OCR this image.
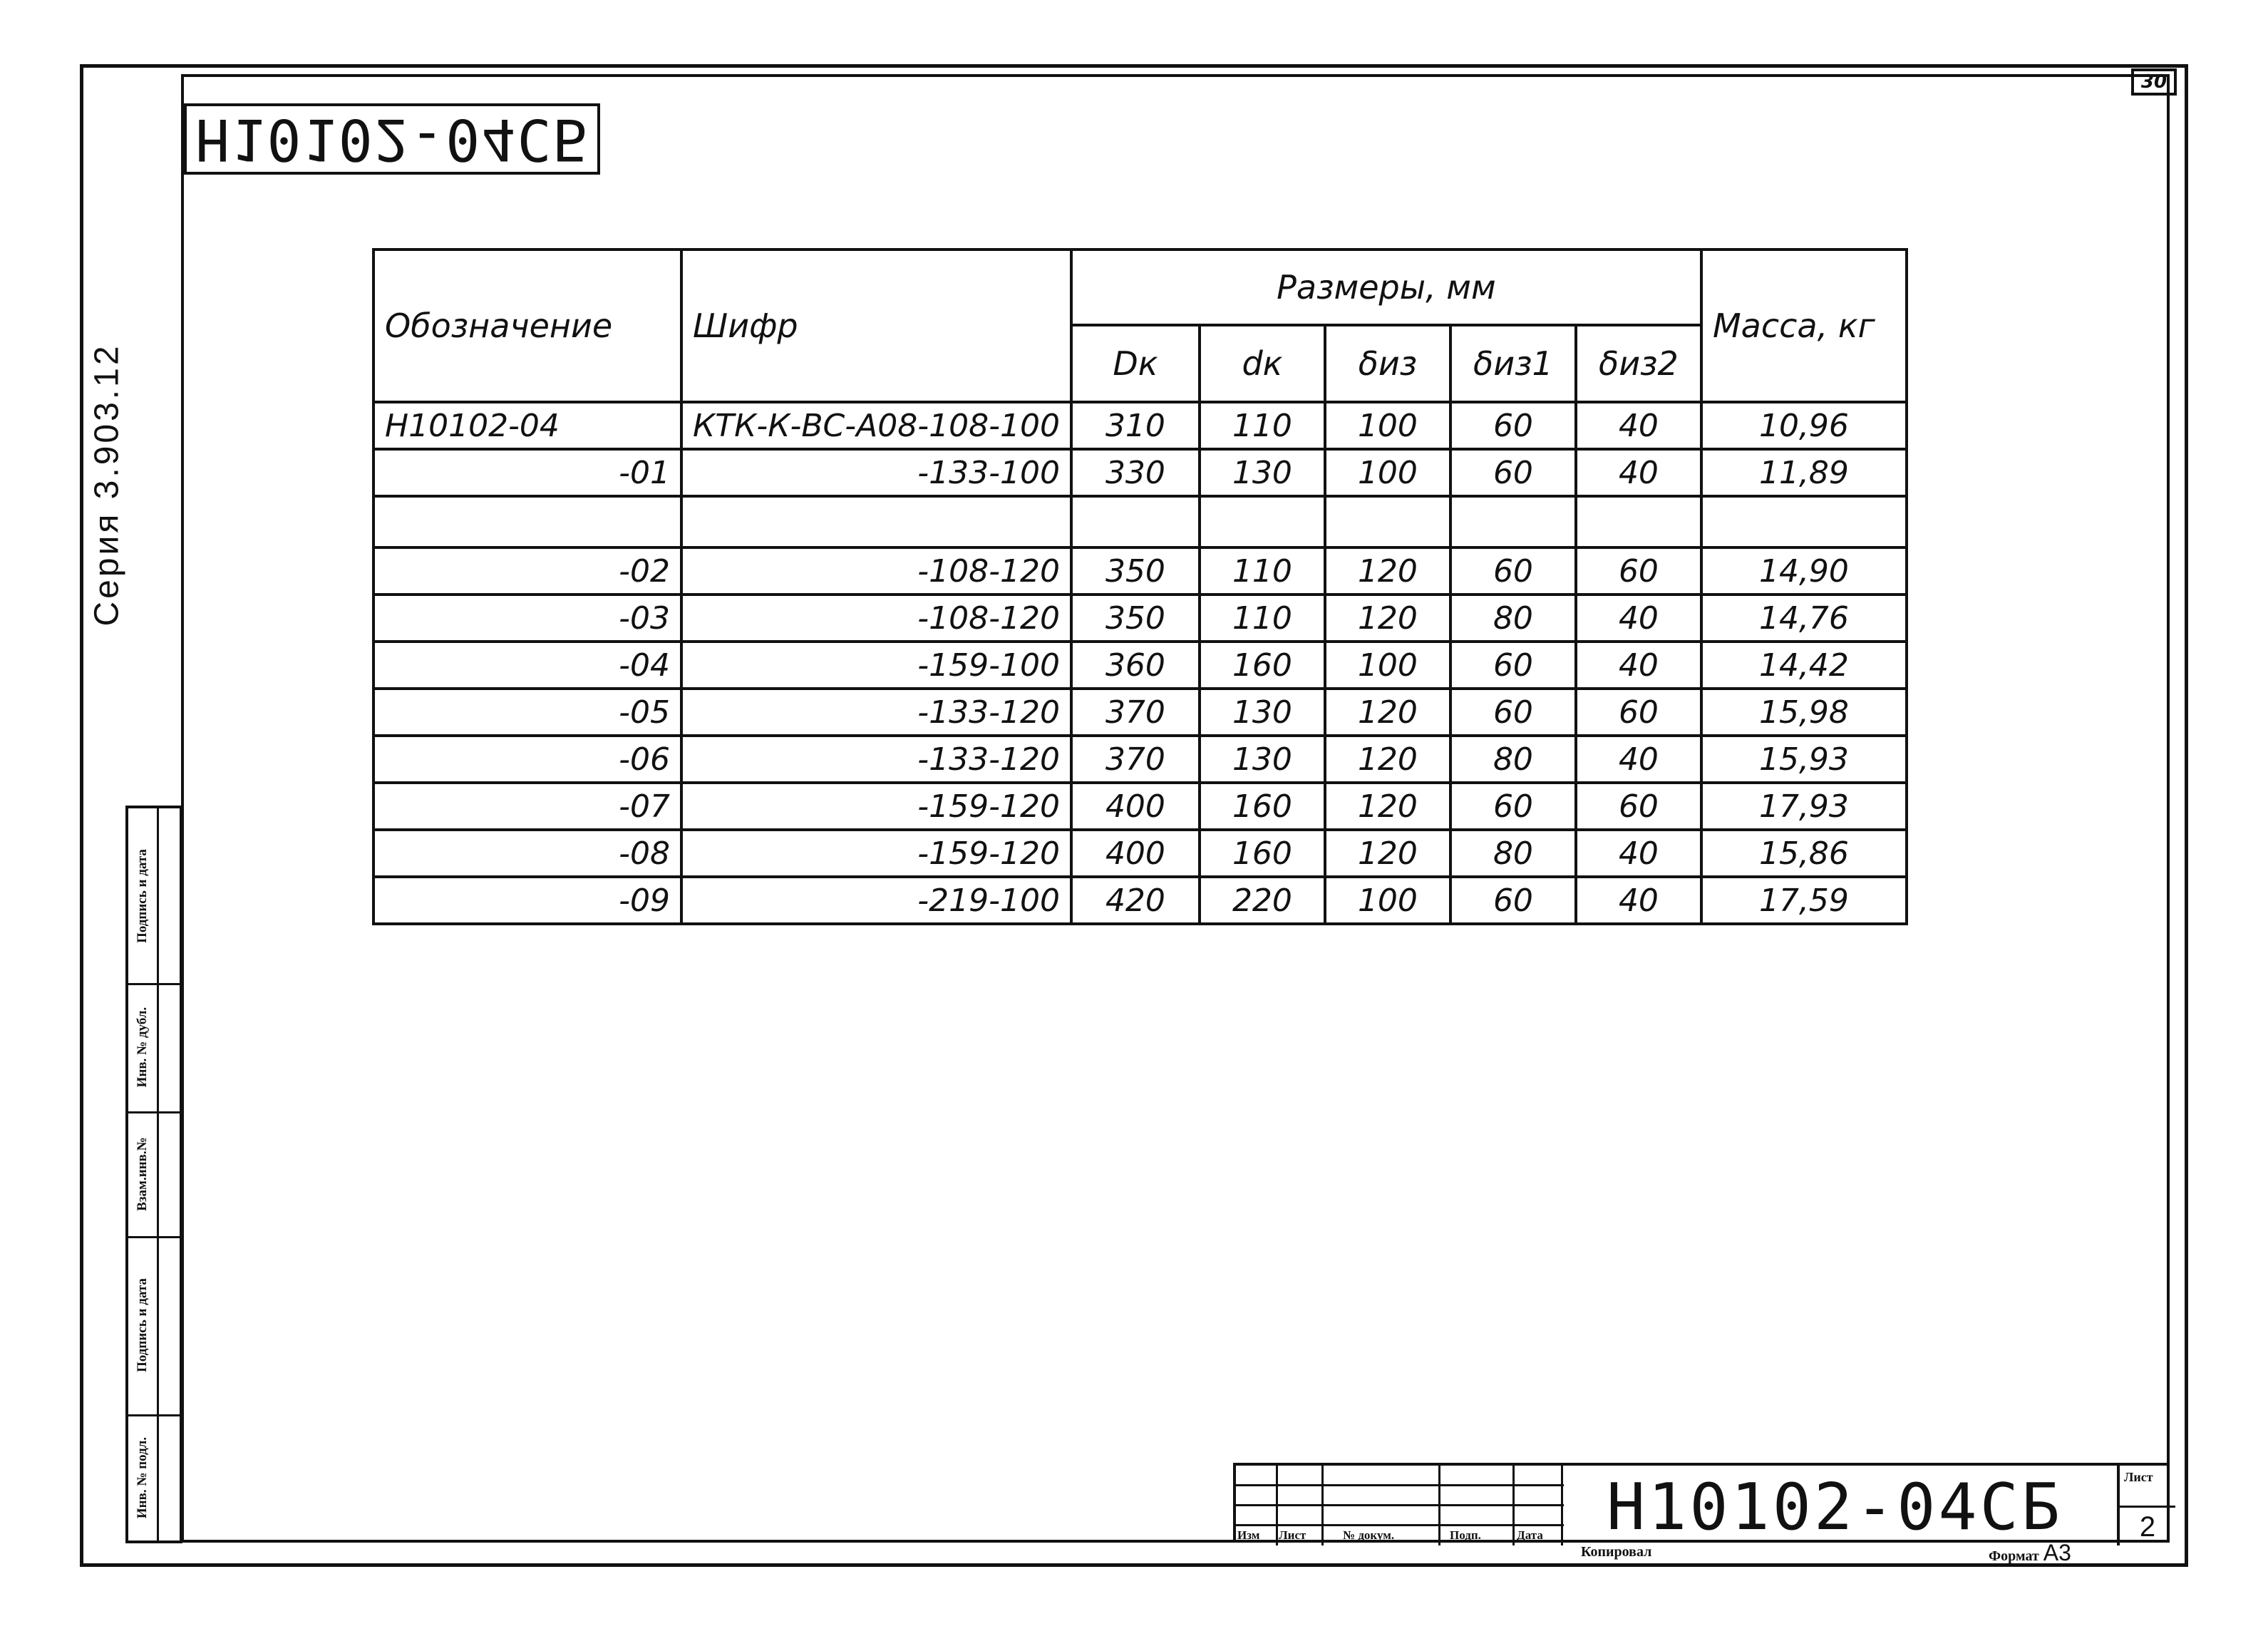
30
Н10102-04СБ
Серия 3.903.12
Подпись и дата
Инв. № дубл.
Взам.инв.№
Подпись и дата
Инв. № подл.
Обозначение	Шифр	Размеры, мм					Масса, кг
		Dк	dк	δиз	δиз1	δиз2	
Н10102-04	КТК-К-ВС-А08-108-100	310	110	100	60	40	10,96
-01	-133-100	330	130	100	60	40	11,89

-02	-108-120	350	110	120	60	60	14,90
-03	-108-120	350	110	120	80	40	14,76
-04	-159-100	360	160	100	60	40	14,42
-05	-133-120	370	130	120	60	60	15,98
-06	-133-120	370	130	120	80	40	15,93
-07	-159-120	400	160	120	60	60	17,93
-08	-159-120	400	160	120	80	40	15,86
-09	-219-100	420	220	100	60	40	17,59
Изм Лист	№ докум.	Подп.	Дата Н10102-04СБ	Лист
2
Копировал	Формат А3
